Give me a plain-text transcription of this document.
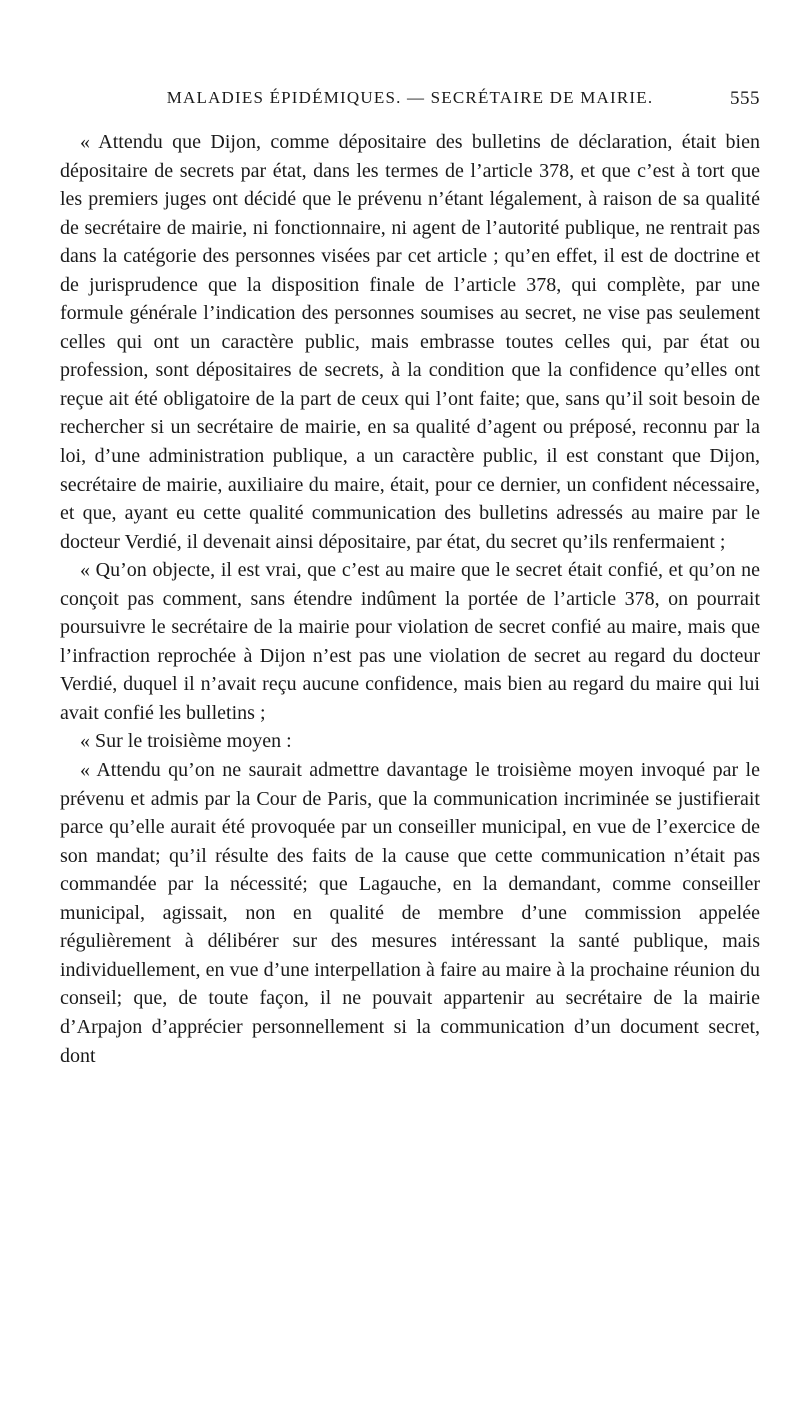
MALADIES ÉPIDÉMIQUES. — SECRÉTAIRE DE MAIRIE.	555

« Attendu que Dijon, comme dépositaire des bulletins de déclaration, était bien dépositaire de secrets par état, dans les termes de l’article 378, et que c’est à tort que les premiers juges ont décidé que le prévenu n’étant légalement, à raison de sa qualité de secrétaire de mairie, ni fonctionnaire, ni agent de l’autorité publique, ne rentrait pas dans la catégorie des personnes visées par cet article ; qu’en effet, il est de doctrine et de jurisprudence que la disposition finale de l’article 378, qui complète, par une formule générale l’indication des personnes soumises au secret, ne vise pas seulement celles qui ont un caractère public, mais embrasse toutes celles qui, par état ou profession, sont dépositaires de secrets, à la condition que la confidence qu’elles ont reçue ait été obligatoire de la part de ceux qui l’ont faite; que, sans qu’il soit besoin de rechercher si un secrétaire de mairie, en sa qualité d’agent ou préposé, reconnu par la loi, d’une administration publique, a un caractère public, il est constant que Dijon, secrétaire de mairie, auxiliaire du maire, était, pour ce dernier, un confident nécessaire, et que, ayant eu cette qualité communication des bulletins adressés au maire par le docteur Verdié, il devenait ainsi dépositaire, par état, du secret qu’ils renfermaient ;

« Qu’on objecte, il est vrai, que c’est au maire que le secret était confié, et qu’on ne conçoit pas comment, sans étendre indûment la portée de l’article 378, on pourrait poursuivre le secrétaire de la mairie pour violation de secret confié au maire, mais que l’infraction reprochée à Dijon n’est pas une violation de secret au regard du docteur Verdié, duquel il n’avait reçu aucune confidence, mais bien au regard du maire qui lui avait confié les bulletins ;

« Sur le troisième moyen :

« Attendu qu’on ne saurait admettre davantage le troisième moyen invoqué par le prévenu et admis par la Cour de Paris, que la communication incriminée se justifierait parce qu’elle aurait été provoquée par un conseiller municipal, en vue de l’exercice de son mandat; qu’il résulte des faits de la cause que cette communication n’était pas commandée par la nécessité; que Lagauche, en la demandant, comme conseiller municipal, agissait, non en qualité de membre d’une commission appelée régulièrement à délibérer sur des mesures intéressant la santé publique, mais individuellement, en vue d’une interpellation à faire au maire à la prochaine réunion du conseil; que, de toute façon, il ne pouvait appartenir au secrétaire de la mairie d’Arpajon d’apprécier personnellement si la communication d’un document secret, dont
